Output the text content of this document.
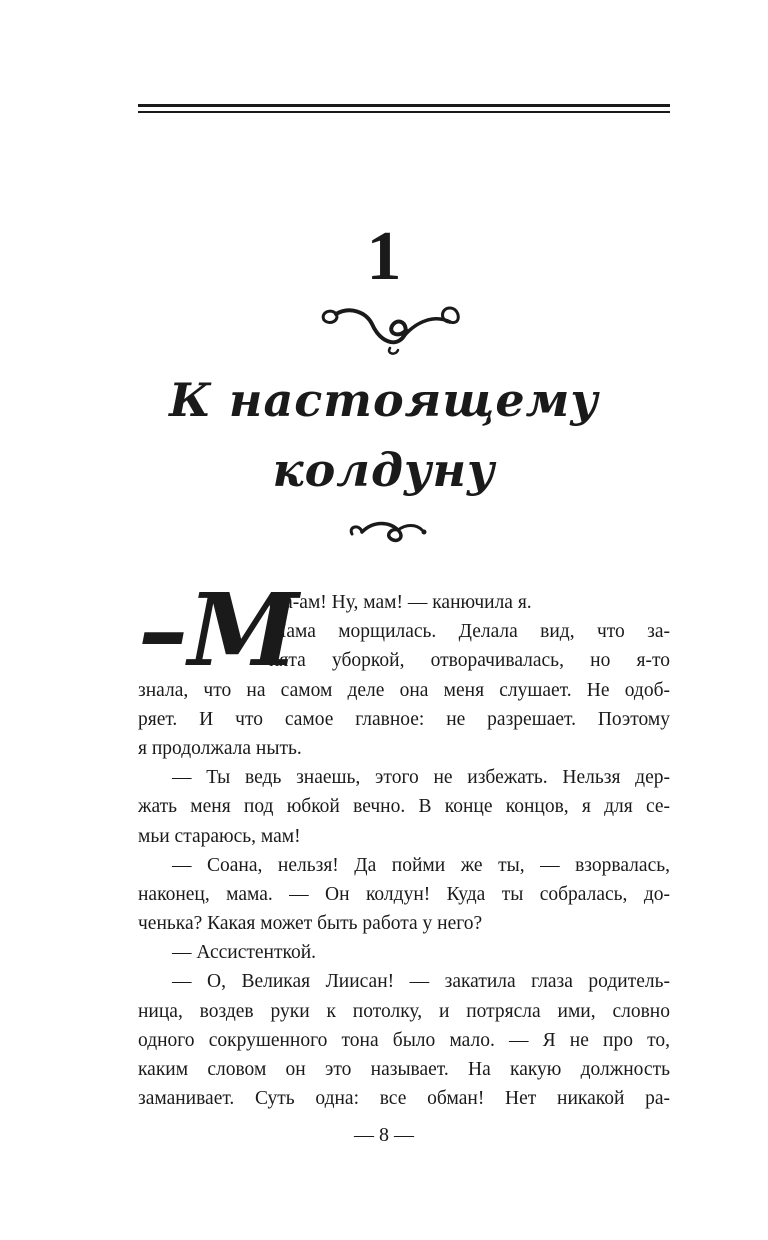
1
К настоящему
колдуну
–М
а-а-ам! Ну, мам! — канючила я.
Мама морщилась. Делала вид, что за-
нята уборкой, отворачивалась, но я-то
знала, что на самом деле она меня слушает. Не одоб-
ряет. И что самое главное: не разрешает. Поэтому
я продолжала ныть.
— Ты ведь знаешь, этого не избежать. Нельзя дер-
жать меня под юбкой вечно. В конце концов, я для се-
мьи стараюсь, мам!
— Соана, нельзя! Да пойми же ты, — взорвалась,
наконец, мама. — Он колдун! Куда ты собралась, до-
ченька? Какая может быть работа у него?
— Ассистенткой.
— О, Великая Лиисан! — закатила глаза родитель-
ница, воздев руки к потолку, и потрясла ими, словно
одного сокрушенного тона было мало. — Я не про то,
каким словом он это называет. На какую должность
заманивает. Суть одна: все обман! Нет никакой ра-
— 8 —
